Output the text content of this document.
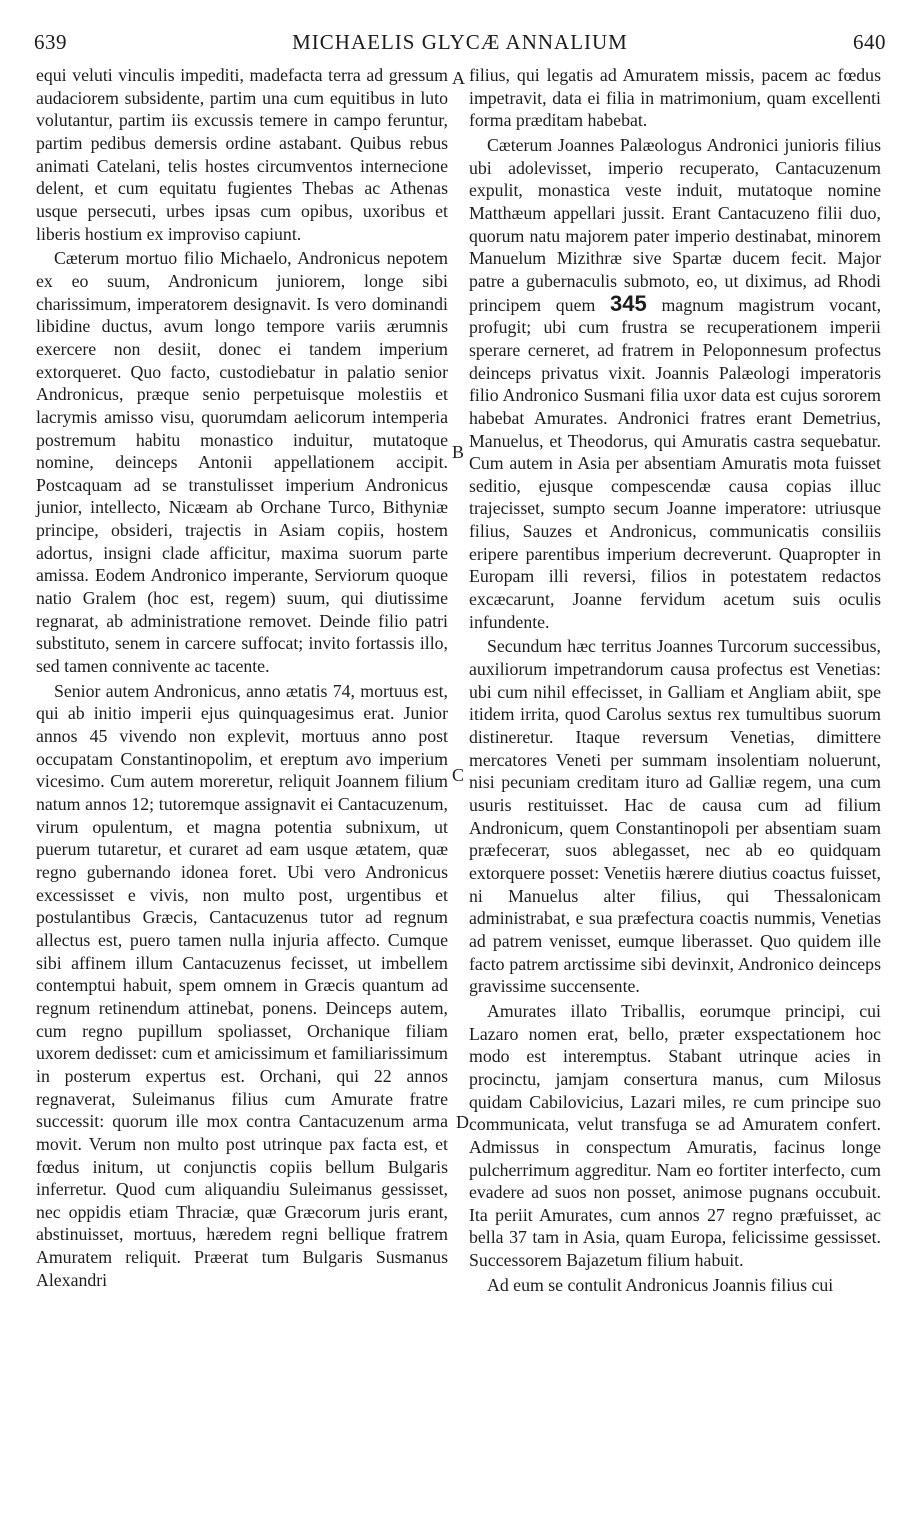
639	MICHAELIS GLYCÆ ANNALIUM	640

equi veluti vinculis impediti, madefacta terra ad gressum audaciorem subsidente, partim una cum equitibus in luto volutantur, partim iis excussis temere in campo feruntur, partim pedibus demersis ordine astabant. Quibus rebus animati Catelani, telis hostes circumventos internecione delent, et cum equitatu fugientes Thebas ac Athenas usque persecuti, urbes ipsas cum opibus, uxoribus et liberis hostium ex improviso capiunt.

Cæterum mortuo filio Michaelo, Andronicus nepotem ex eo suum, Andronicum juniorem, longe sibi charissimum, imperatorem designavit. Is vero dominandi libidine ductus, avum longo tempore variis ærumnis exercere non desiit, donec ei tandem imperium extorqueret. Quo facto, custodiebatur in palatio senior Andronicus, præque senio perpetuisque molestiis et lacrymis amisso visu, quorumdam aelicorum intemperia postremum habitu monastico induitur, mutatoque nomine, deinceps Antonii appellationem accipit. Postcaquam ad se transtulisset imperium Andronicus junior, intellecto, Nicæam ab Orchane Turco, Bithyniæ principe, obsideri, trajectis in Asiam copiis, hostem adortus, insigni clade afficitur, maxima suorum parte amissa. Eodem Andronico imperante, Serviorum quoque natio Gralem (hoc est, regem) suum, qui diutissime regnarat, ab administratione removet. Deinde filio patri substituto, senem in carcere suffocat; invito fortassis illo, sed tamen connivente ac tacente.

Senior autem Andronicus, anno ætatis 74, mortuus est, qui ab initio imperii ejus quinquagesimus erat. Junior annos 45 vivendo non explevit, mortuus anno post occupatam Constantinopolim, et ereptum avo imperium vicesimo. Cum autem moreretur, reliquit Joannem filium natum annos 12; tutoremque assignavit ei Cantacuzenum, virum opulentum, et magna potentia subnixum, ut puerum tutaretur, et curaret ad eam usque ætatem, quæ regno gubernando idonea foret. Ubi vero Andronicus excessisset e vivis, non multo post, urgentibus et postulantibus Græcis, Cantacuzenus tutor ad regnum allectus est, puero tamen nulla injuria affecto. Cumque sibi affinem illum Cantacuzenus fecisset, ut imbellem contemptui habuit, spem omnem in Græcis quantum ad regnum retinendum attinebat, ponens. Deinceps autem, cum regno pupillum spoliasset, Orchanique filiam uxorem dedisset: cum et amicissimum et familiarissimum in posterum expertus est. Orchani, qui 22 annos regnaverat, Suleimanus filius cum Amurate fratre successit: quorum ille mox contra Cantacuzenum arma movit. Verum non multo post utrinque pax facta est, et fœdus initum, ut conjunctis copiis bellum Bulgaris inferretur. Quod cum aliquandiu Suleimanus gessisset, nec oppidis etiam Thraciæ, quæ Græcorum juris erant, abstinuisset, mortuus, hæredem regni bellique fratrem Amuratem reliquit. Præerat tum Bulgaris Susmanus Alexandri

A
B
C
D

filius, qui legatis ad Amuratem missis, pacem ac fœdus impetravit, data ei filia in matrimonium, quam excellenti forma præditam habebat.

Cæterum Joannes Palæologus Andronici junioris filius ubi adolevisset, imperio recuperato, Cantacuzenum expulit, monastica veste induit, mutatoque nomine Matthæum appellari jussit. Erant Cantacuzeno filii duo, quorum natu majorem pater imperio destinabat, minorem Manuelum Mizithræ sive Spartæ ducem fecit. Major patre a gubernaculis submoto, eo, ut diximus, ad Rhodi principem quem 345 magnum magistrum vocant, profugit; ubi cum frustra se recuperationem imperii sperare cerneret, ad fratrem in Peloponnesum profectus deinceps privatus vixit. Joannis Palæologi imperatoris filio Andronico Susmani filia uxor data est cujus sororem habebat Amurates. Andronici fratres erant Demetrius, Manuelus, et Theodorus, qui Amuratis castra sequebatur. Cum autem in Asia per absentiam Amuratis mota fuisset seditio, ejusque compescendæ causa copias illuc trajecisset, sumpto secum Joanne imperatore: utriusque filius, Sauzes et Andronicus, communicatis consiliis eripere parentibus imperium decreverunt. Quapropter in Europam illi reversi, filios in potestatem redactos excæcarunt, Joanne fervidum acetum suis oculis infundente.

Secundum hæc territus Joannes Turcorum successibus, auxiliorum impetrandorum causa profectus est Venetias: ubi cum nihil effecisset, in Galliam et Angliam abiit, spe itidem irrita, quod Carolus sextus rex tumultibus suorum distineretur. Itaque reversum Venetias, dimittere mercatores Veneti per summam insolentiam noluerunt, nisi pecuniam creditam iturо ad Galliæ regem, una cum usuris restituisset. Hac de causa cum ad filium Andronicum, quem Constantinopoli per absentiam suam præfeceraт, suos ablegasset, nec ab eo quidquam extorquere posset: Venetiis hærere diutius coactus fuisset, ni Manuelus alter filius, qui Thessalonicam administrabat, e sua præfectura coactis nummis, Venetias ad patrem venisset, eumque liberasset. Quo quidem ille facto patrem arctissime sibi devinxit, Andronico deinceps gravissime succensente.

Amurates illato Triballis, eorumque principi, cui Lazaro nomen erat, bello, præter exspectationem hoc modo est interemptus. Stabant utrinque acies in procinctu, jamjam consertura manus, cum Milosus quidam Cabilovicius, Lazari miles, re cum principe suo communicata, velut transfuga se ad Amuratem confert. Admissus in conspectum Amuratis, facinus longe pulcherrimum aggreditur. Nam eo fortiter interfecto, cum evadere ad suos non posset, animose pugnans occubuit. Ita periit Amurates, cum annos 27 regno præfuisset, ac bella 37 tam in Asia, quam Europa, felicissime gessisset. Successorem Bajazetum filium habuit.

Ad eum se contulit Andronicus Joannis filius cui
